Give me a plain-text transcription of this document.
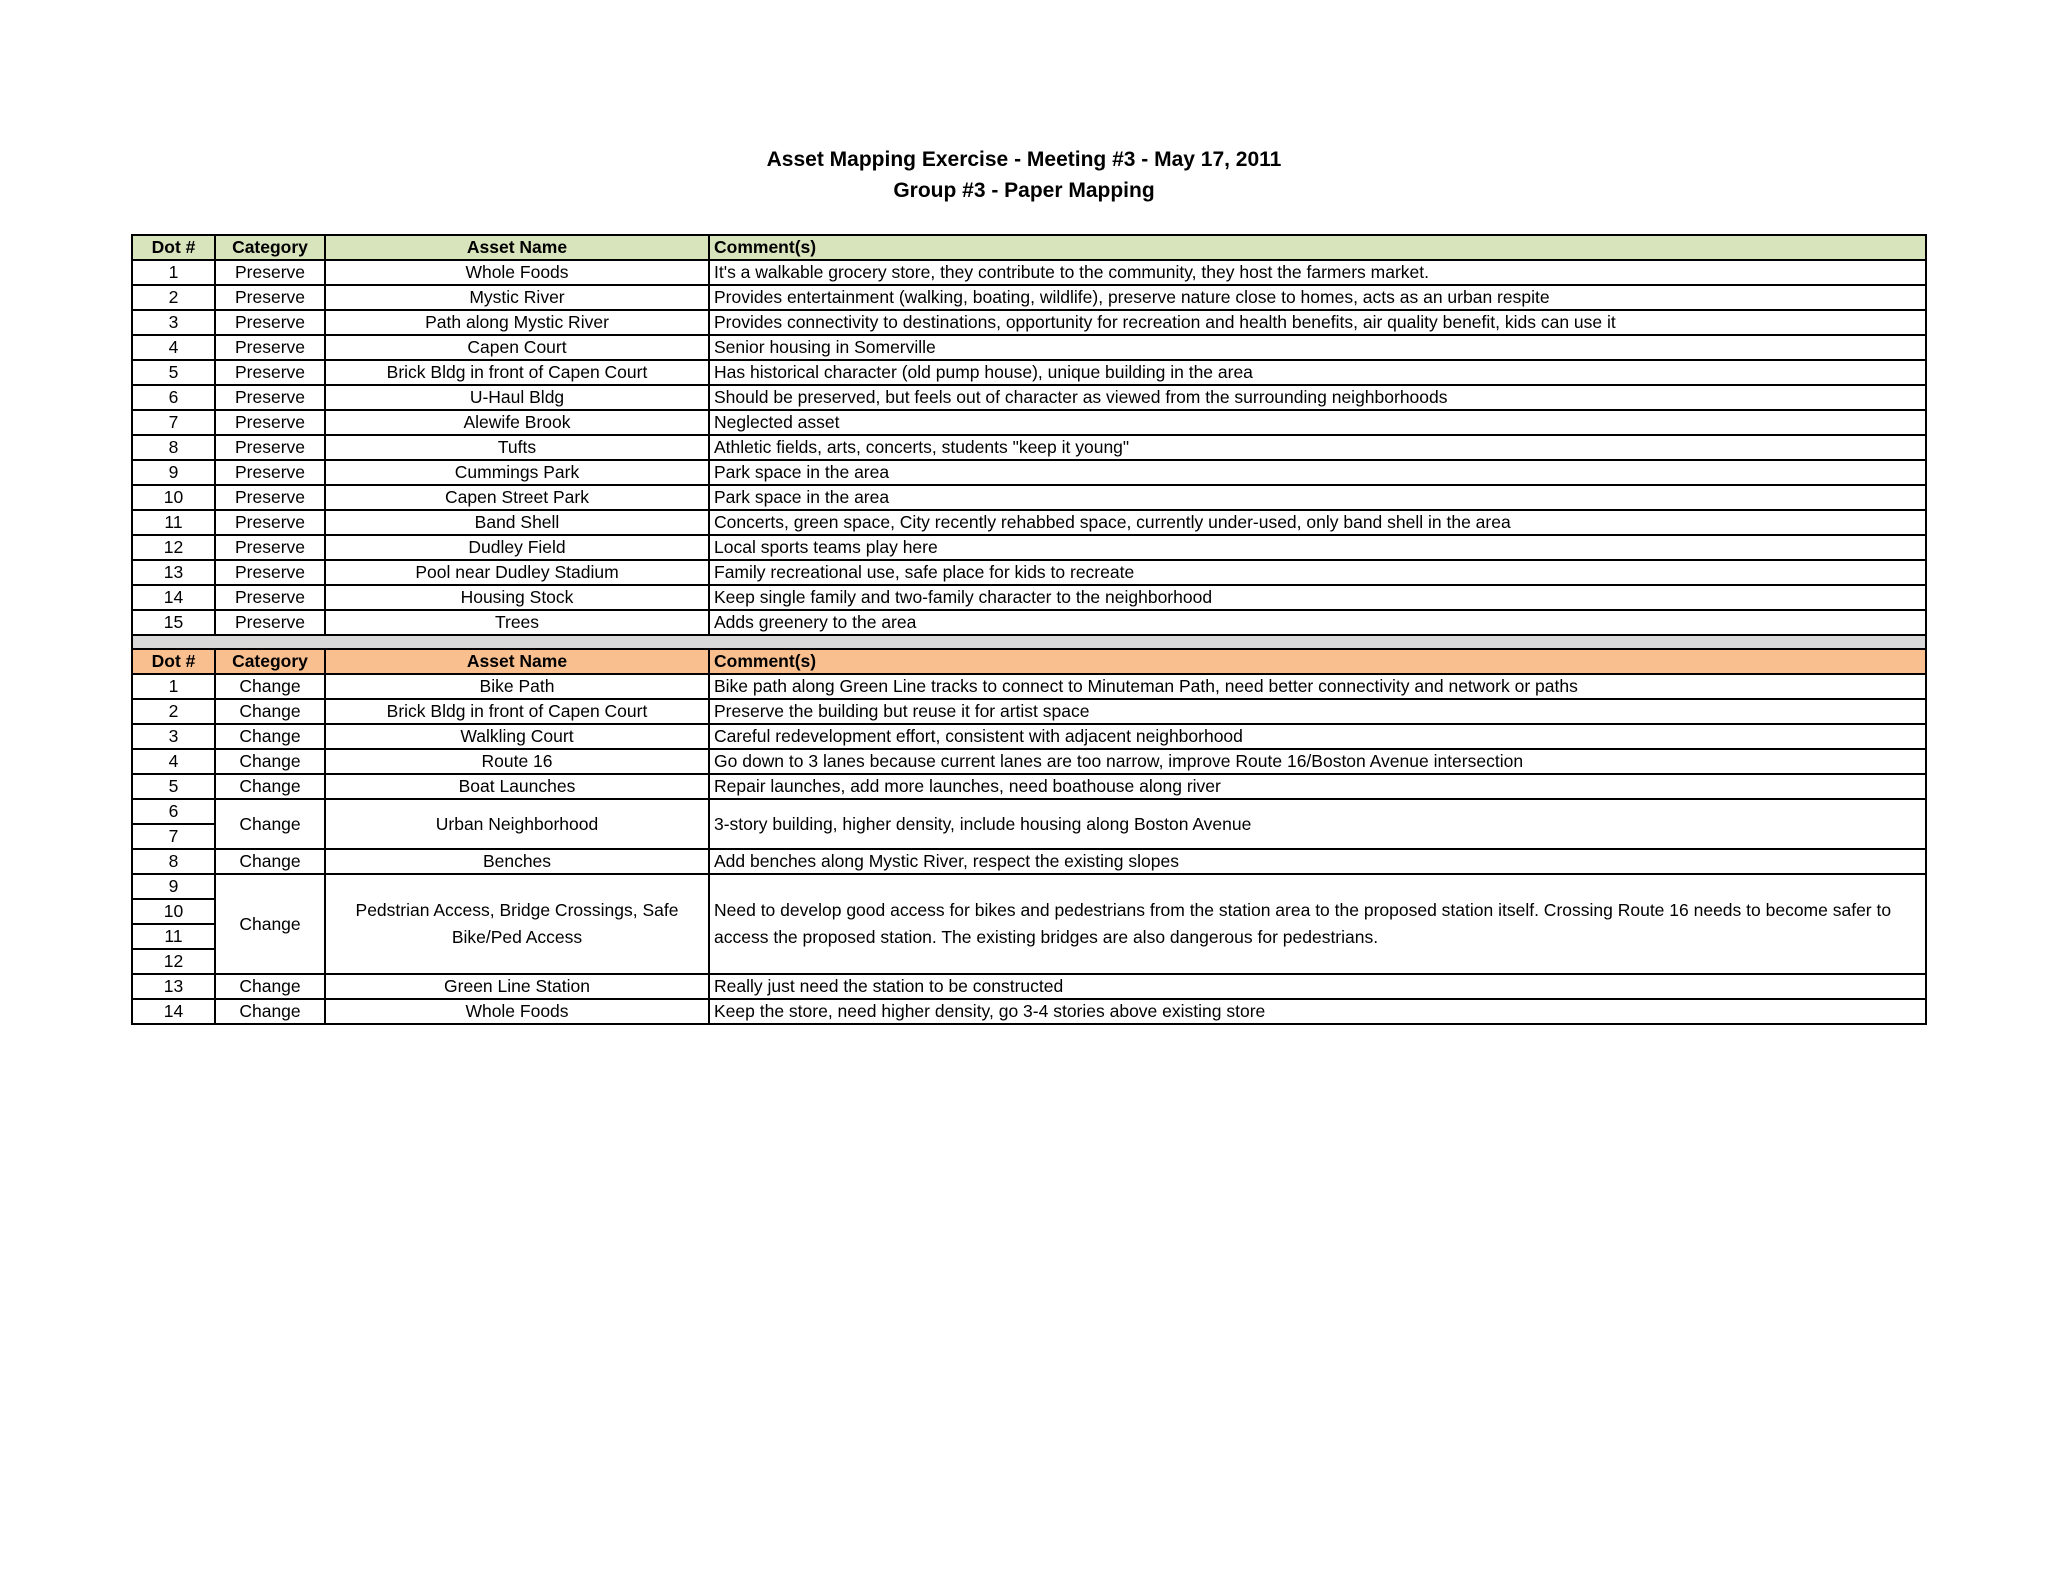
Asset Mapping Exercise - Meeting #3 - May 17, 2011
Group #3 - Paper Mapping
Dot #	Category	Asset Name	Comment(s)
1	Preserve	Whole Foods	It's a walkable grocery store, they contribute to the community, they host the farmers market.
2	Preserve	Mystic River	Provides entertainment (walking, boating, wildlife), preserve nature close to homes, acts as an urban respite
3	Preserve	Path along Mystic River	Provides connectivity to destinations, opportunity for recreation and health benefits, air quality benefit, kids can use it
4	Preserve	Capen Court	Senior housing in Somerville
5	Preserve	Brick Bldg in front of Capen Court	Has historical character (old pump house), unique building in the area
6	Preserve	U-Haul Bldg	Should be preserved, but feels out of character as viewed from the surrounding neighborhoods
7	Preserve	Alewife Brook	Neglected asset
8	Preserve	Tufts	Athletic fields, arts, concerts, students "keep it young"
9	Preserve	Cummings Park	Park space in the area
10	Preserve	Capen Street Park	Park space in the area
11	Preserve	Band Shell	Concerts, green space, City recently rehabbed space, currently under-used, only band shell in the area
12	Preserve	Dudley Field	Local sports teams play here
13	Preserve	Pool near Dudley Stadium	Family recreational use, safe place for kids to recreate
14	Preserve	Housing Stock	Keep single family and two-family character to the neighborhood
15	Preserve	Trees	Adds greenery to the area

Dot #	Category	Asset Name	Comment(s)
1	Change	Bike Path	Bike path along Green Line tracks to connect to Minuteman Path, need better connectivity and network or paths
2	Change	Brick Bldg in front of Capen Court	Preserve the building but reuse it for artist space
3	Change	Walkling Court	Careful redevelopment effort, consistent with adjacent neighborhood
4	Change	Route 16	Go down to 3 lanes because current lanes are too narrow, improve Route 16/Boston Avenue intersection
5	Change	Boat Launches	Repair launches, add more launches, need boathouse along river
6	Change	Urban Neighborhood	3-story building, higher density, include housing along Boston Avenue
7			
8	Change	Benches	Add benches along Mystic River, respect the existing slopes
9	Change	Pedstrian Access, Bridge Crossings, Safe Bike/Ped Access	Need to develop good access for bikes and pedestrians from the station area to the proposed station itself. Crossing Route 16 needs to become safer to access the proposed station. The existing bridges are also dangerous for pedestrians.
10			
11			
12			
13	Change	Green Line Station	Really just need the station to be constructed
14	Change	Whole Foods	Keep the store, need higher density, go 3-4 stories above existing store
